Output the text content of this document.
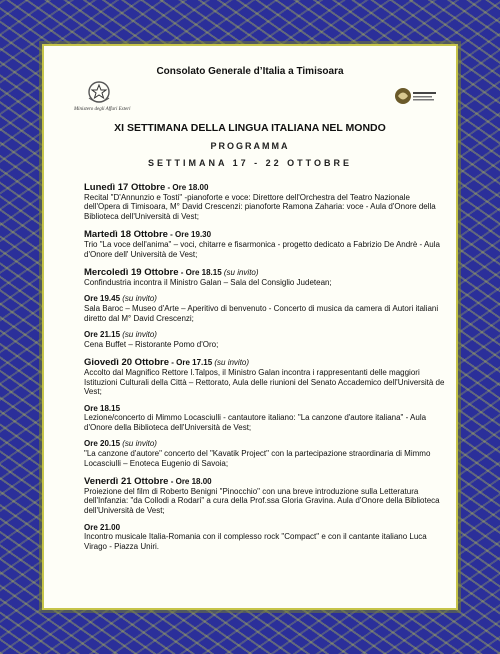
Consolato Generale d’Italia a Timisoara
Ministero degli Affari Esteri
XI SETTIMANA DELLA LINGUA ITALIANA NEL MONDO
PROGRAMMA
SETTIMANA 17 - 22 OTTOBRE

Lunedì 17 Ottobre - Ore 18.00

Recital "D'Annunzio e Tosti" -pianoforte e voce: Direttore dell'Orchestra del Teatro Nazionale dell'Opera di Timisoara, M° David Crescenzi: pianoforte Ramona Zaharia: voce - Aula d'Onore della Biblioteca dell'Università di Vest;

Martedì 18 Ottobre - Ore 19.30

Trio "La voce dell'anima" – voci, chitarre e fisarmonica - progetto dedicato a Fabrizio De Andrè - Aula d'Onore dell' Università de Vest;

Mercoledì 19 Ottobre - Ore 18.15 (su invito)

Confindustria incontra il Ministro Galan – Sala del Consiglio Judetean;

Ore 19.45 (su invito)

Sala Baroc – Museo d'Arte – Aperitivo di benvenuto - Concerto di musica da camera di Autori italiani diretto dal M° David Crescenzi;

Ore 21.15 (su invito)

Cena Buffet – Ristorante Pomo d'Oro;

Giovedì 20 Ottobre - Ore 17.15 (su invito)

Accolto dal Magnifico Rettore I.Talpos, il Ministro Galan incontra i rappresentanti delle maggiori Istituzioni Culturali della Città – Rettorato, Aula delle riunioni del Senato Accademico dell'Università de Vest;

Ore 18.15

Lezione/concerto di Mimmo Locasciulli - cantautore italiano: "La canzone d'autore italiana" - Aula d'Onore della Biblioteca dell'Università de Vest;

Ore 20.15 (su invito)

"La canzone d'autore" concerto del "Kavatik Project" con la partecipazione straordinaria di Mimmo Locasciulli – Enoteca Eugenio di Savoia;

Venerdì 21 Ottobre - Ore 18.00

Proiezione del film di Roberto Benigni "Pinocchio" con una breve introduzione sulla Letteratura dell'Infanzia: "da Collodi a Rodari" a cura della Prof.ssa Gloria Gravina. Aula d'Onore della Biblioteca dell'Università de Vest;

Ore 21.00

Incontro musicale Italia-Romania con il complesso rock "Compact" e con il cantante italiano Luca Virago - Piazza Uniri.
